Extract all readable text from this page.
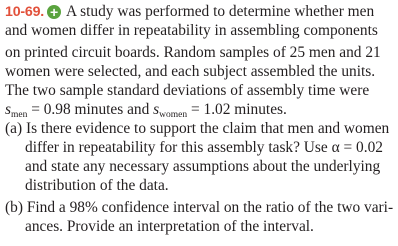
10-69. + A study was performed to determine whether men
and women differ in repeatability in assembling components
on printed circuit boards. Random samples of 25 men and 21
women were selected, and each subject assembled the units.
The two sample standard deviations of assembly time were
$s_{men} = 0.98$ minutes and $s_{women} = 1.02$ minutes.
(a) Is there evidence to support the claim that men and women
differ in repeatability for this assembly task? Use α = 0.02
and state any necessary assumptions about the underlying
distribution of the data.
(b) Find a 98% confidence interval on the ratio of the two vari-
ances. Provide an interpretation of the interval.
